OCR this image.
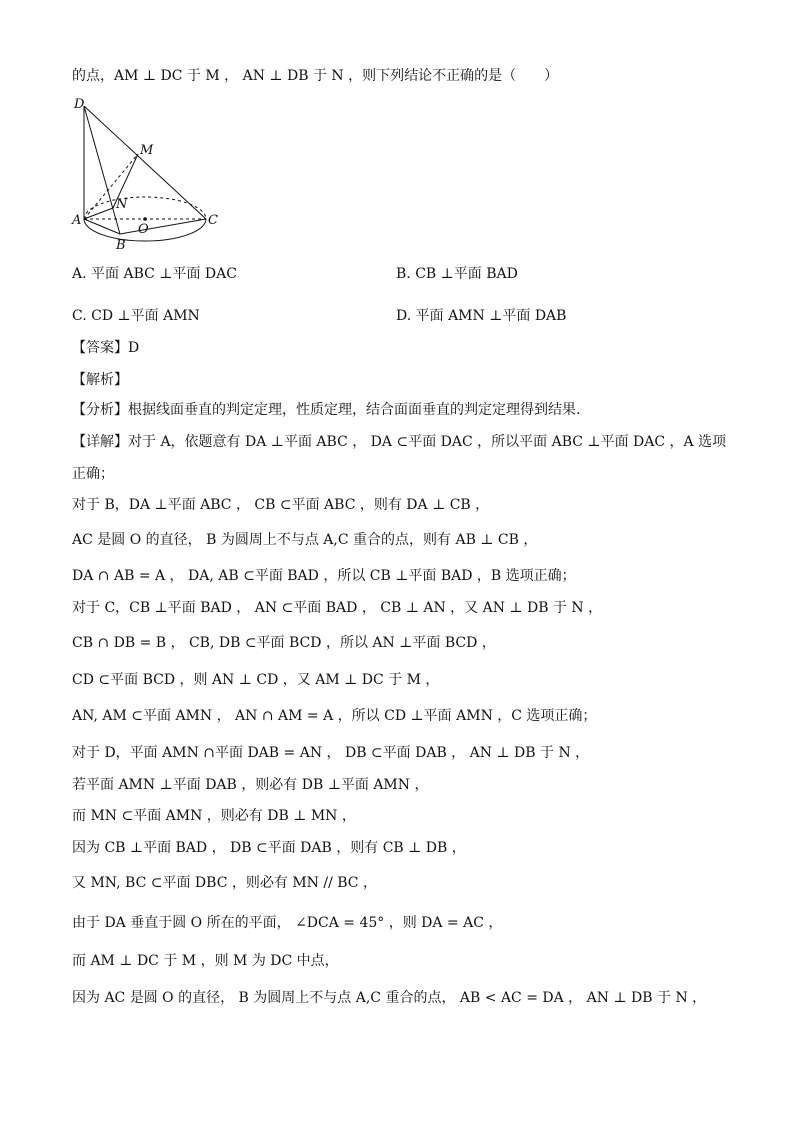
的点，AM ⊥ DC 于 M ， AN ⊥ DB 于 N ，则下列结论不正确的是（　　）
D
M
N
A
O
C
B
A. 平面 ABC ⊥平面 DAC	B. CB ⊥平面 BAD
C. CD ⊥平面 AMN	D. 平面 AMN ⊥平面 DAB
【答案】D
【解析】
【分析】根据线面垂直的判定定理，性质定理，结合面面垂直的判定定理得到结果.
【详解】对于 A，依题意有 DA ⊥平面 ABC ， DA ⊂平面 DAC ，所以平面 ABC ⊥平面 DAC ，A 选项
正确；
对于 B，DA ⊥平面 ABC ， CB ⊂平面 ABC ，则有 DA ⊥ CB ，
AC 是圆 O 的直径， B 为圆周上不与点 A,C 重合的点，则有 AB ⊥ CB ，
DA ∩ AB = A ， DA, AB ⊂平面 BAD ，所以 CB ⊥平面 BAD ，B 选项正确；
对于 C，CB ⊥平面 BAD ， AN ⊂平面 BAD ， CB ⊥ AN ，又 AN ⊥ DB 于 N ，
CB ∩ DB = B ， CB, DB ⊂平面 BCD ，所以 AN ⊥平面 BCD ，
CD ⊂平面 BCD ，则 AN ⊥ CD ，又 AM ⊥ DC 于 M ，
AN, AM ⊂平面 AMN ， AN ∩ AM = A ，所以 CD ⊥平面 AMN ，C 选项正确；
对于 D，平面 AMN ∩平面 DAB = AN ， DB ⊂平面 DAB ， AN ⊥ DB 于 N ，
若平面 AMN ⊥平面 DAB ，则必有 DB ⊥平面 AMN ，
而 MN ⊂平面 AMN ，则必有 DB ⊥ MN ，
因为 CB ⊥平面 BAD ， DB ⊂平面 DAB ，则有 CB ⊥ DB ，
又 MN, BC ⊂平面 DBC ，则必有 MN // BC ，
由于 DA 垂直于圆 O 所在的平面， ∠DCA = 45° ，则 DA = AC ，
而 AM ⊥ DC 于 M ，则 M 为 DC 中点，
因为 AC 是圆 O 的直径， B 为圆周上不与点 A,C 重合的点， AB < AC = DA ， AN ⊥ DB 于 N ，
